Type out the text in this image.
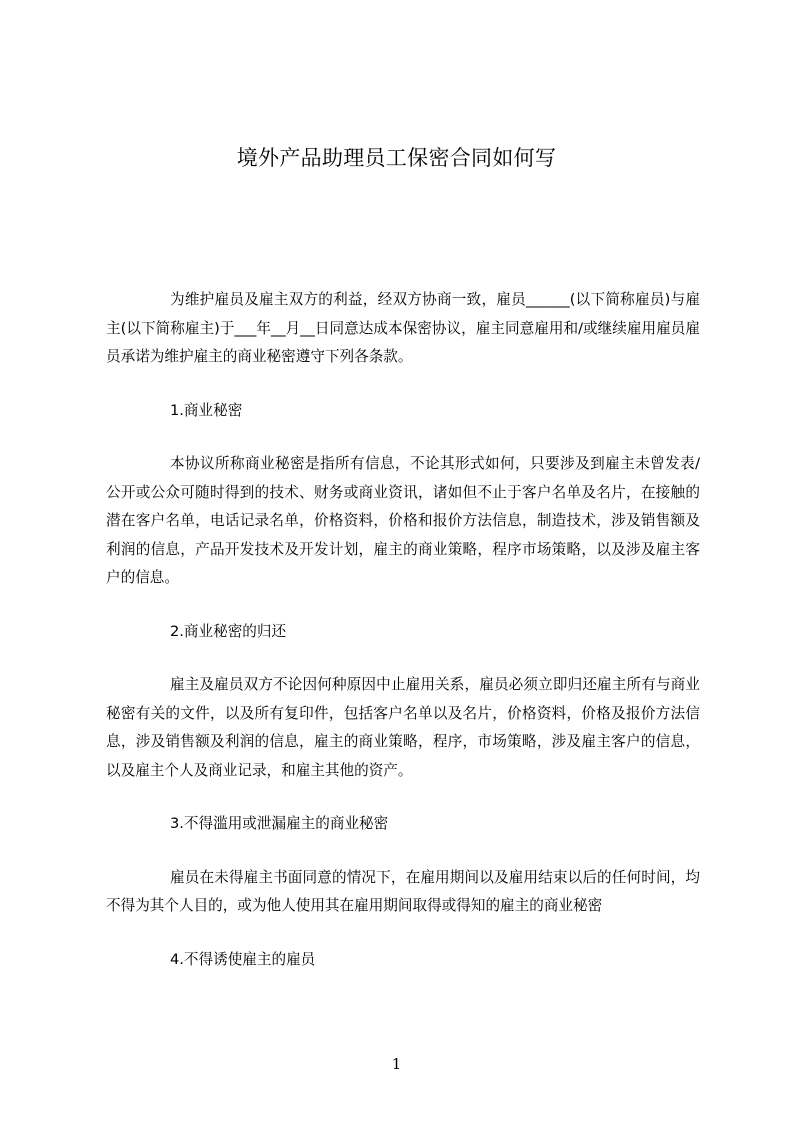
境外产品助理员工保密合同如何写

为维护雇员及雇主双方的利益，经双方协商一致，雇员______(以下简称雇员)与雇主(以下简称雇主)于___年__月__日同意达成本保密协议，雇主同意雇用和/或继续雇用雇员雇员承诺为维护雇主的商业秘密遵守下列各条款。

1.商业秘密

本协议所称商业秘密是指所有信息，不论其形式如何，只要涉及到雇主未曾发表/公开或公众可随时得到的技术、财务或商业资讯，诸如但不止于客户名单及名片，在接触的潜在客户名单，电话记录名单，价格资料，价格和报价方法信息，制造技术，涉及销售额及利润的信息，产品开发技术及开发计划，雇主的商业策略，程序市场策略，以及涉及雇主客户的信息。

2.商业秘密的归还

雇主及雇员双方不论因何种原因中止雇用关系，雇员必须立即归还雇主所有与商业秘密有关的文件，以及所有复印件，包括客户名单以及名片，价格资料，价格及报价方法信息，涉及销售额及利润的信息，雇主的商业策略，程序，市场策略，涉及雇主客户的信息，以及雇主个人及商业记录，和雇主其他的资产。

3.不得滥用或泄漏雇主的商业秘密

雇员在未得雇主书面同意的情况下，在雇用期间以及雇用结束以后的任何时间，均不得为其个人目的，或为他人使用其在雇用期间取得或得知的雇主的商业秘密

4.不得诱使雇主的雇员
1
